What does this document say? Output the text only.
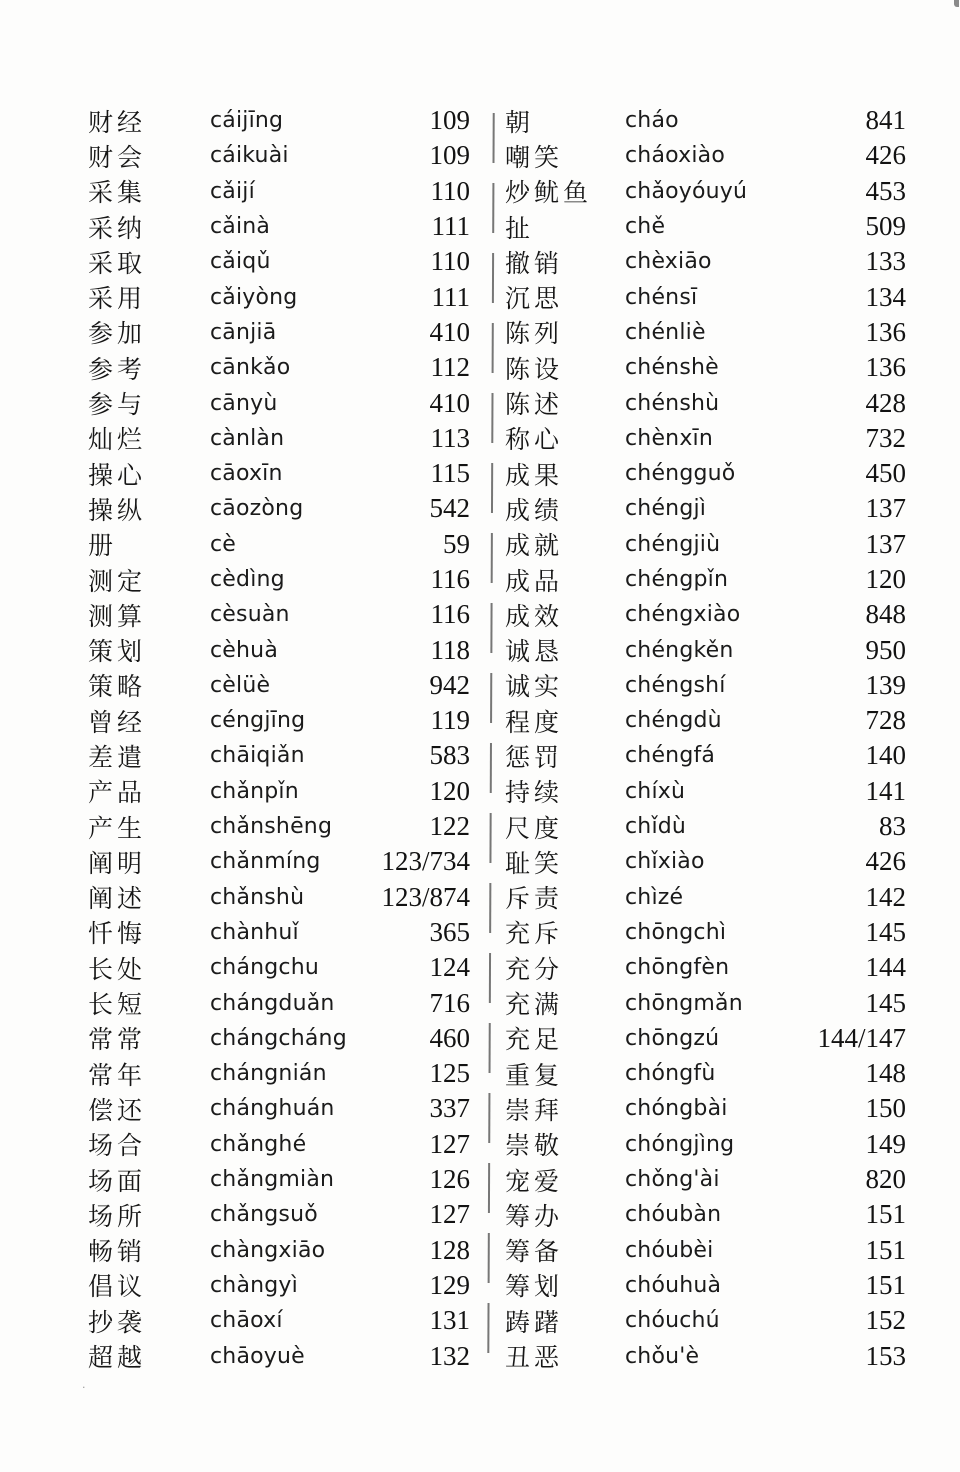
财经	cáijīng	109
财会	cáikuài	109
采集	cǎijí	110
采纳	cǎinà	111
采取	cǎiqǔ	110
采用	cǎiyòng	111
参加	cānjiā	410
参考	cānkǎo	112
参与	cānyù	410
灿烂	cànlàn	113
操心	cāoxīn	115
操纵	cāozòng	542
册	cè	59
测定	cèdìng	116
测算	cèsuàn	116
策划	cèhuà	118
策略	cèlüè	942
曾经	céngjīng	119
差遣	chāiqiǎn	583
产品	chǎnpǐn	120
产生	chǎnshēng	122
阐明	chǎnmíng	123/734
阐述	chǎnshù	123/874
忏悔	chànhuǐ	365
长处	chángchu	124
长短	chángduǎn	716
常常	chángcháng	460
常年	chángnián	125
偿还	chánghuán	337
场合	chǎnghé	127
场面	chǎngmiàn	126
场所	chǎngsuǒ	127
畅销	chàngxiāo	128
倡议	chàngyì	129
抄袭	chāoxí	131
超越	chāoyuè	132
朝	cháo	841
嘲笑	cháoxiào	426
炒鱿鱼	chǎoyóuyú	453
扯	chě	509
撤销	chèxiāo	133
沉思	chénsī	134
陈列	chénliè	136
陈设	chénshè	136
陈述	chénshù	428
称心	chènxīn	732
成果	chéngguǒ	450
成绩	chéngjì	137
成就	chéngjiù	137
成品	chéngpǐn	120
成效	chéngxiào	848
诚恳	chéngkěn	950
诚实	chéngshí	139
程度	chéngdù	728
惩罚	chéngfá	140
持续	chíxù	141
尺度	chǐdù	83
耻笑	chǐxiào	426
斥责	chìzé	142
充斥	chōngchì	145
充分	chōngfèn	144
充满	chōngmǎn	145
充足	chōngzú	144/147
重复	chóngfù	148
崇拜	chóngbài	150
崇敬	chóngjìng	149
宠爱	chǒng'ài	820
筹办	chóubàn	151
筹备	chóubèi	151
筹划	chóuhuà	151
踌躇	chóuchú	152
丑恶	chǒu'è	153
·
